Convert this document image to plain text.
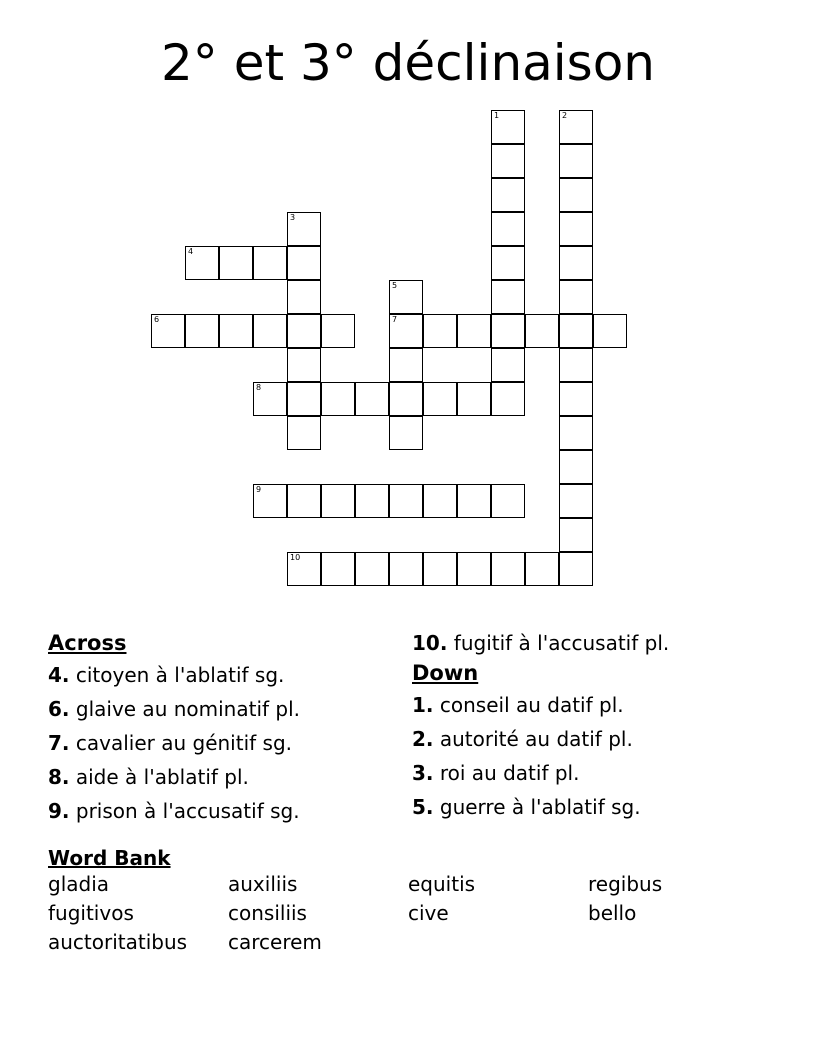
2° et 3° déclinaison
4
6	7
8
9
10
1	2
3
5
Across
4. citoyen à l'ablatif sg.
6. glaive au nominatif pl.
7. cavalier au génitif sg.
8. aide à l'ablatif pl.
9. prison à l'accusatif sg.
10. fugitif à l'accusatif pl.
Down
1. conseil au datif pl.
2. autorité au datif pl.
3. roi au datif pl.
5. guerre à l'ablatif sg.
Word Bank
gladia	auxiliis	equitis	regibus
fugitivos	consiliis	cive	bello
auctoritatibus carcerem
